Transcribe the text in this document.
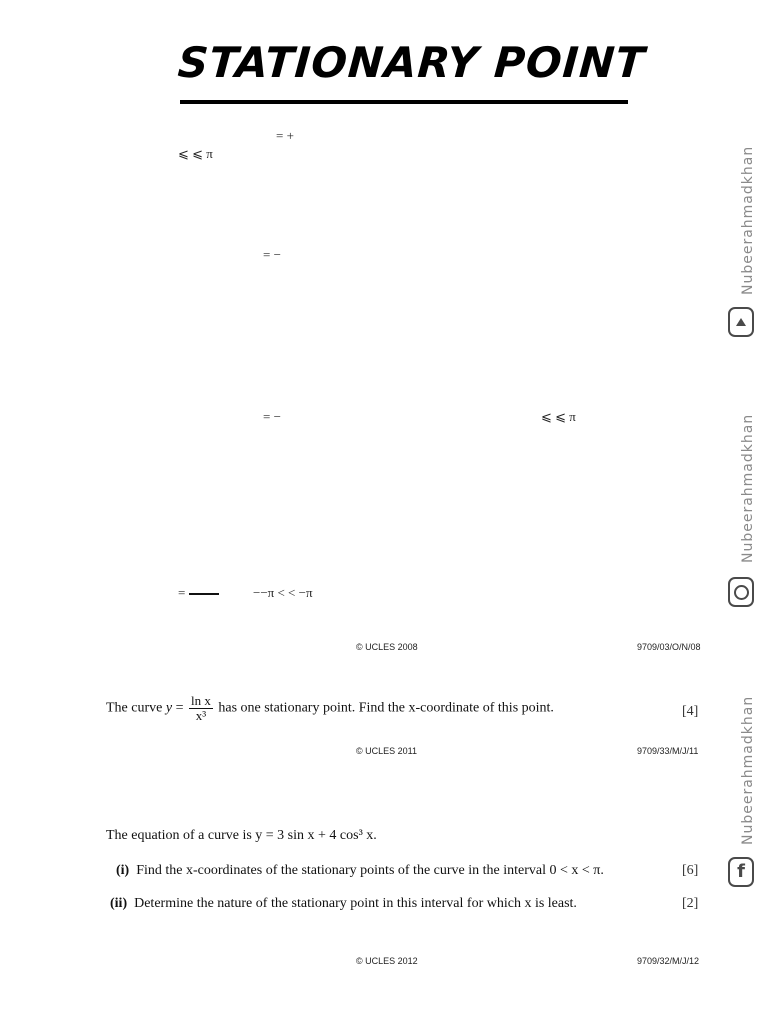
STATIONARY POINT
= +
⩽ ⩽ π
= −
= −	⩽ ⩽ π
=	−−π < < −π
© UCLES 2008	9709/03/O/N/08
The curve $y = \frac{\text{ln x}}{\text{x³}}$ has one stationary point. Find the x-coordinate of this point.	[4]
© UCLES 2011	9709/33/M/J/11
The equation of a curve is y = 3 sin x + 4 cos³ x.
(i) Find the x-coordinates of the stationary points of the curve in the interval 0 < x < π.	[6]
(ii) Determine the nature of the stationary point in this interval for which x is least.	[2]
© UCLES 2012	9709/32/M/J/12
Nubeerahmadkhan
Nubeerahmadkhan
Nubeerahmadkhan
f
